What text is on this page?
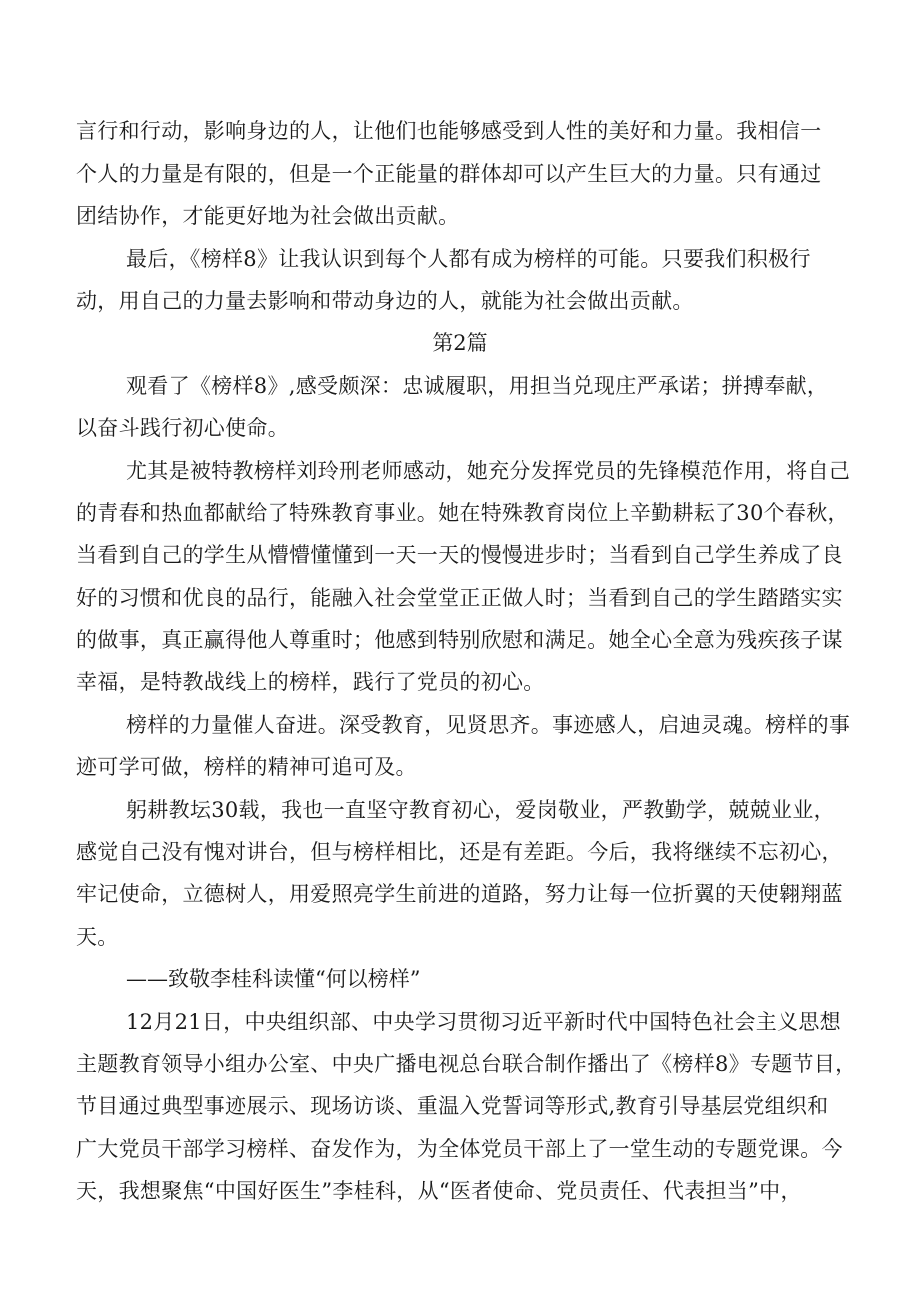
言行和行动，影响身边的人，让他们也能够感受到人性的美好和力量。我相信一
个人的力量是有限的，但是一个正能量的群体却可以产生巨大的力量。只有通过
团结协作，才能更好地为社会做出贡献。
最后，《榜样8》让我认识到每个人都有成为榜样的可能。只要我们积极行
动，用自己的力量去影响和带动身边的人，就能为社会做出贡献。
第2篇
观看了《榜样8》,感受颇深：忠诚履职，用担当兑现庄严承诺；拼搏奉献，
以奋斗践行初心使命。
尤其是被特教榜样刘玲刑老师感动，她充分发挥党员的先锋模范作用，将自己
的青春和热血都献给了特殊教育事业。她在特殊教育岗位上辛勤耕耘了30个春秋，
当看到自己的学生从懵懵懂懂到一天一天的慢慢进步时；当看到自己学生养成了良
好的习惯和优良的品行，能融入社会堂堂正正做人时；当看到自己的学生踏踏实实
的做事，真正赢得他人尊重时；他感到特别欣慰和满足。她全心全意为残疾孩子谋
幸福，是特教战线上的榜样，践行了党员的初心。
榜样的力量催人奋进。深受教育，见贤思齐。事迹感人，启迪灵魂。榜样的事
迹可学可做，榜样的精神可追可及。
躬耕教坛30载，我也一直坚守教育初心，爱岗敬业，严教勤学，兢兢业业，
感觉自己没有愧对讲台，但与榜样相比，还是有差距。今后，我将继续不忘初心，
牢记使命，立德树人，用爱照亮学生前进的道路，努力让每一位折翼的天使翱翔蓝
天。
——致敬李桂科读懂“何以榜样”
12月21日，中央组织部、中央学习贯彻习近平新时代中国特色社会主义思想
主题教育领导小组办公室、中央广播电视总台联合制作播出了《榜样8》专题节目，
节目通过典型事迹展示、现场访谈、重温入党誓词等形式,教育引导基层党组织和
广大党员干部学习榜样、奋发作为，为全体党员干部上了一堂生动的专题党课。今
天，我想聚焦“中国好医生”李桂科，从“医者使命、党员责任、代表担当”中，
